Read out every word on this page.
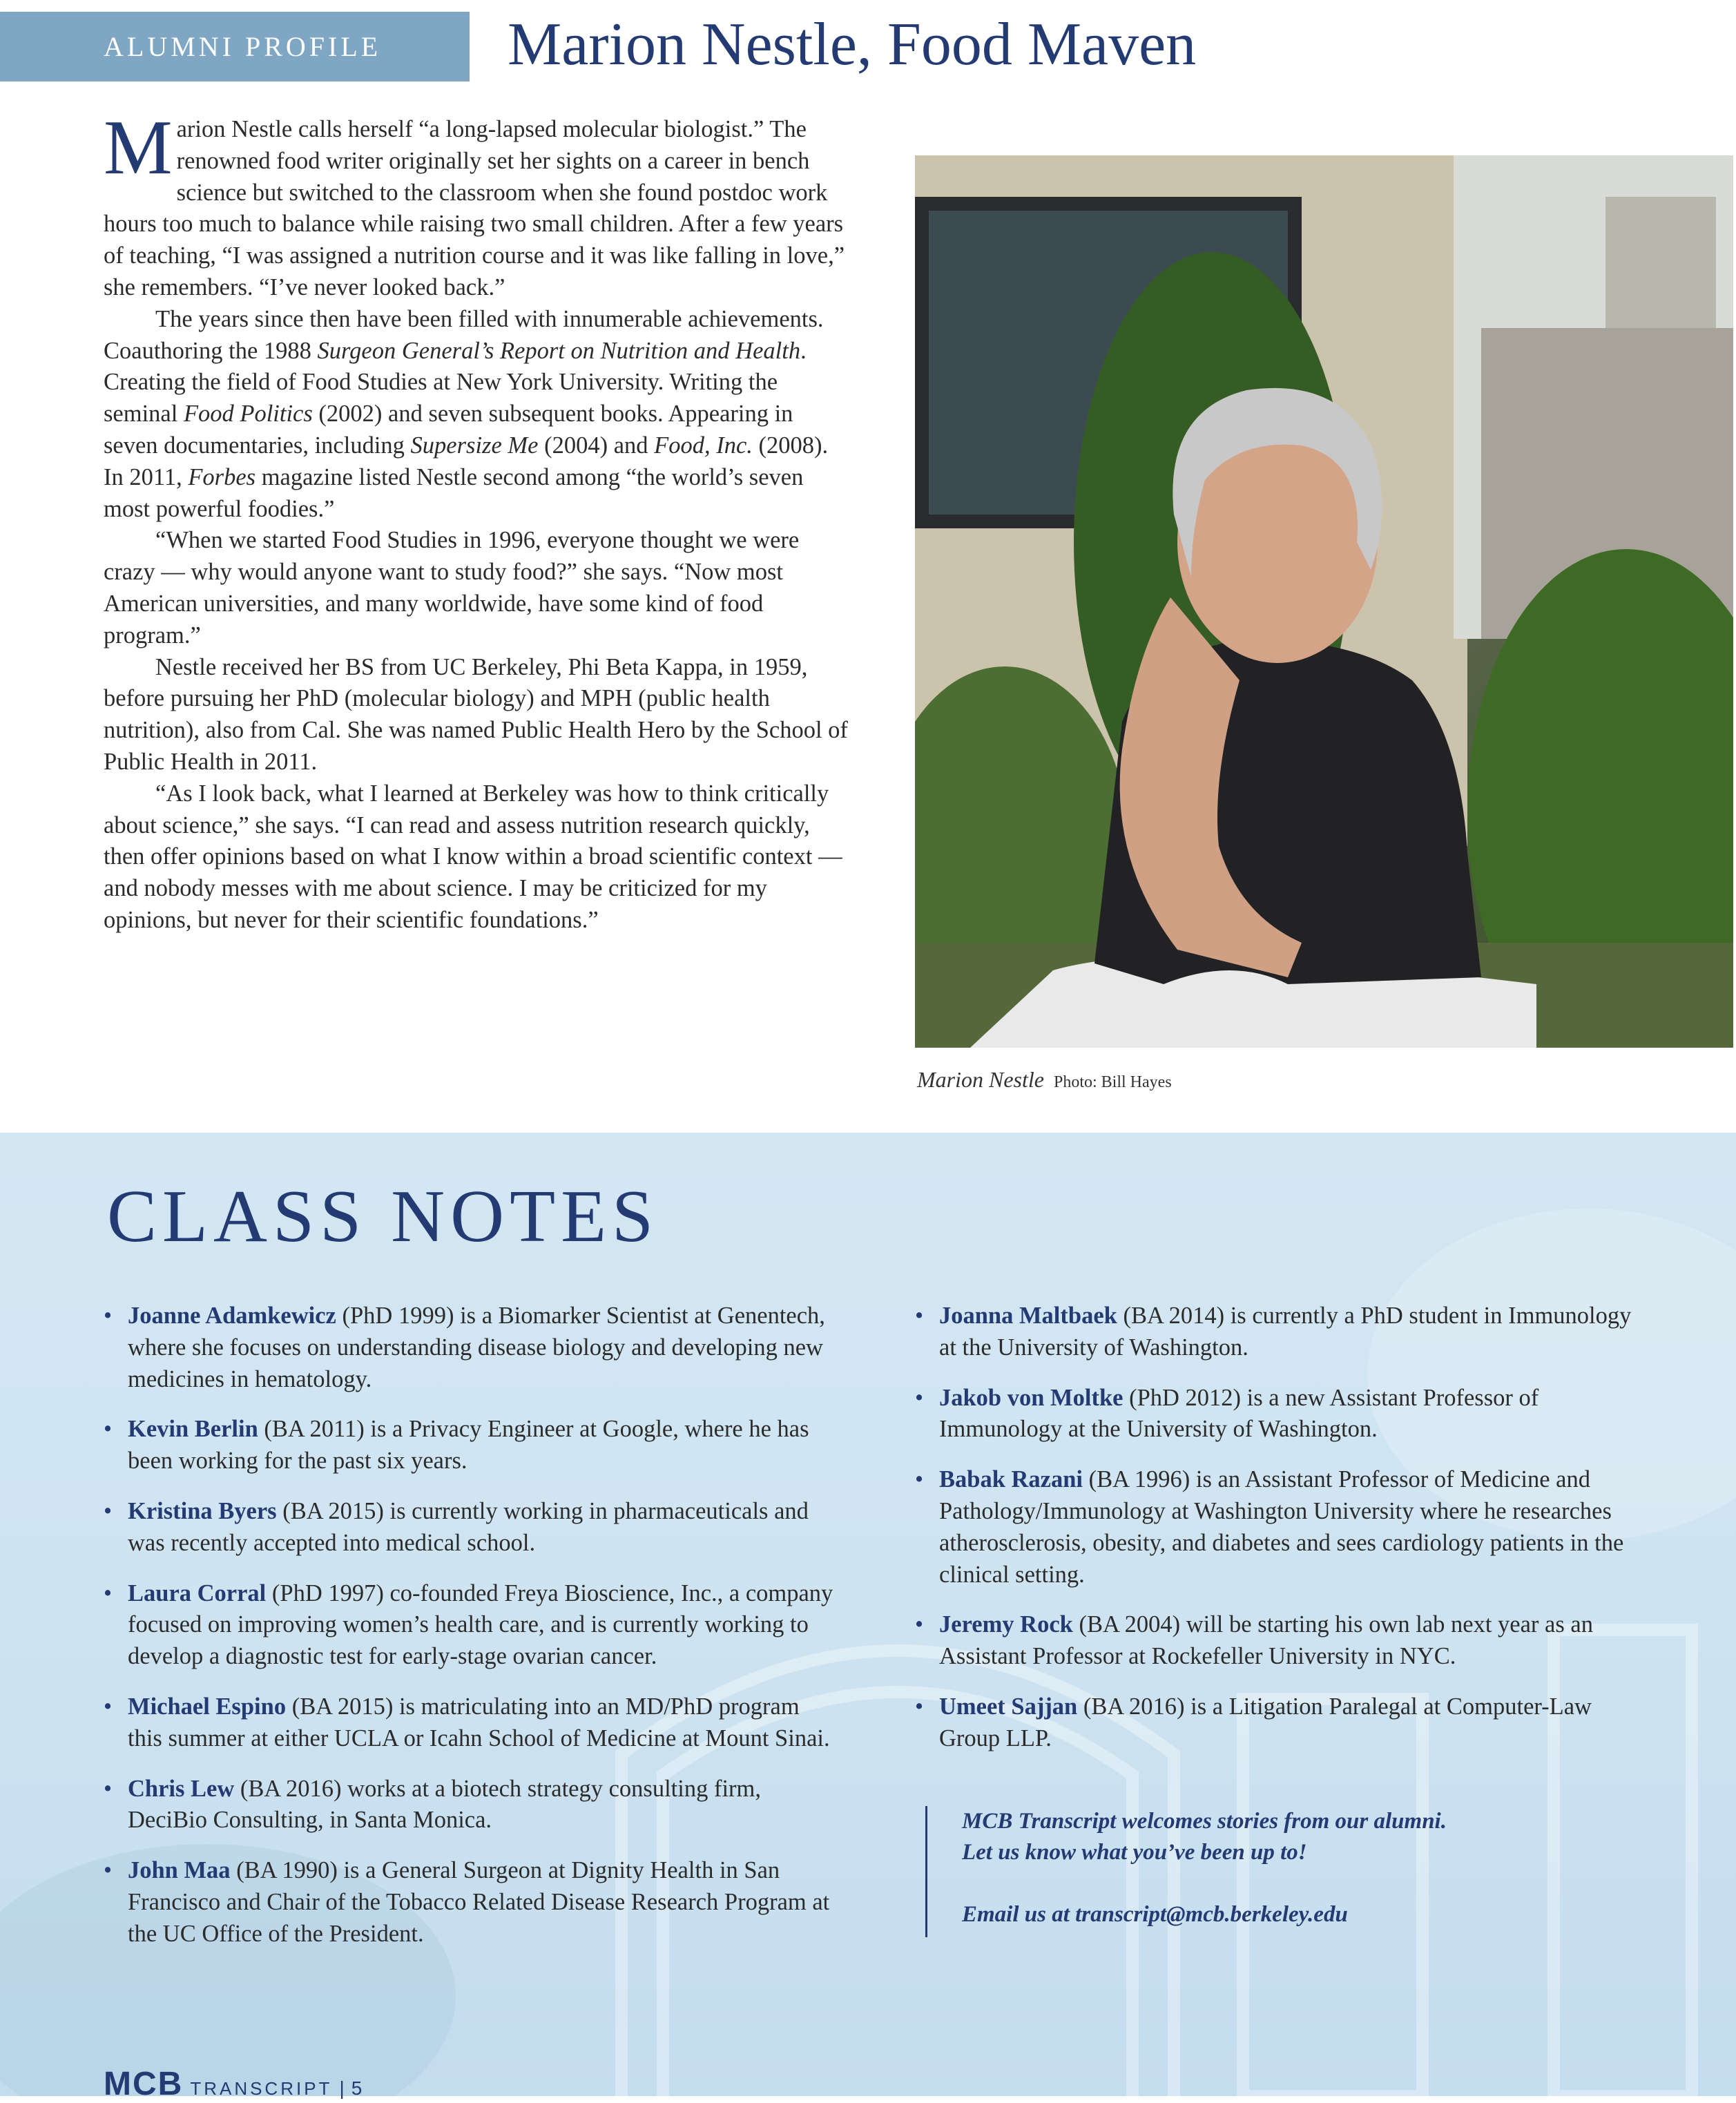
ALUMNI PROFILE	Marion Nestle, Food Maven

Marion Nestle calls herself “a long-lapsed molecular biologist.” The renowned food writer originally set her sights on a career in bench science but switched to the classroom when she found postdoc work hours too much to balance while raising two small children. After a few years of teaching, “I was assigned a nutrition course and it was like falling in love,” she remembers. “I’ve never looked back.”

The years since then have been filled with innumerable achievements. Coauthoring the 1988 Surgeon General’s Report on Nutrition and Health. Creating the field of Food Studies at New York University. Writing the seminal Food Politics (2002) and seven subsequent books. Appearing in seven documentaries, including Supersize Me (2004) and Food, Inc. (2008). In 2011, Forbes magazine listed Nestle second among “the world’s seven most powerful foodies.”

“When we started Food Studies in 1996, everyone thought we were crazy — why would anyone want to study food?” she says. “Now most American universities, and many worldwide, have some kind of food program.”

Nestle received her BS from UC Berkeley, Phi Beta Kappa, in 1959, before pursuing her PhD (molecular biology) and MPH (public health nutrition), also from Cal. She was named Public Health Hero by the School of Public Health in 2011.

“As I look back, what I learned at Berkeley was how to think critically about science,” she says. “I can read and assess nutrition research quickly, then offer opinions based on what I know within a broad scientific context — and nobody messes with me about science. I may be criticized for my opinions, but never for their scientific foundations.”

Marion Nestle Photo: Bill Hayes
CLASS NOTES
• Joanne Adamkewicz (PhD 1999) is a Biomarker Scientist at Genentech, where she focuses on understanding disease biology and developing new medicines in hematology.
• Kevin Berlin (BA 2011) is a Privacy Engineer at Google, where he has been working for the past six years.
• Kristina Byers (BA 2015) is currently working in pharmaceuticals and was recently accepted into medical school.
• Laura Corral (PhD 1997) co-founded Freya Bioscience, Inc., a company focused on improving women’s health care, and is currently working to develop a diagnostic test for early-stage ovarian cancer.
• Michael Espino (BA 2015) is matriculating into an MD/PhD program this summer at either UCLA or Icahn School of Medicine at Mount Sinai.
• Chris Lew (BA 2016) works at a biotech strategy consulting firm, DeciBio Consulting, in Santa Monica.
• John Maa (BA 1990) is a General Surgeon at Dignity Health in San Francisco and Chair of the Tobacco Related Disease Research Program at the UC Office of the President.
• Joanna Maltbaek (BA 2014) is currently a PhD student in Immunology at the University of Washington.
• Jakob von Moltke (PhD 2012) is a new Assistant Professor of Immunology at the University of Washington.
• Babak Razani (BA 1996) is an Assistant Professor of Medicine and Pathology/Immunology at Washington University where he researches atherosclerosis, obesity, and diabetes and sees cardiology patients in the clinical setting.
• Jeremy Rock (BA 2004) will be starting his own lab next year as an Assistant Professor at Rockefeller University in NYC.
• Umeet Sajjan (BA 2016) is a Litigation Paralegal at Computer-Law Group LLP.
MCB Transcript welcomes stories from our alumni.
Let us know what you’ve been up to!
Email us at transcript@mcb.berkeley.edu
MCB TRANSCRIPT | 5
